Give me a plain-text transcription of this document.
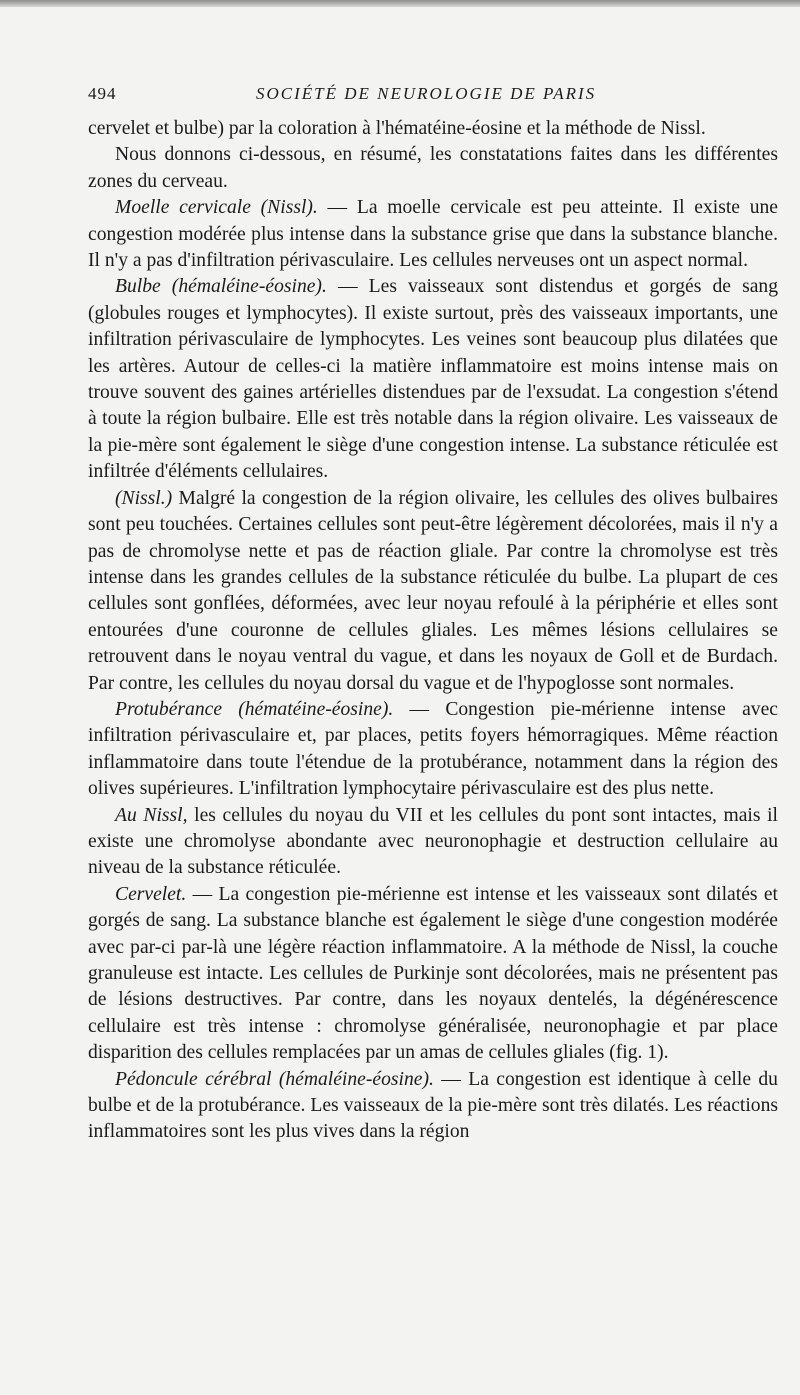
494	SOCIÉTÉ DE NEUROLOGIE DE PARIS

cervelet et bulbe) par la coloration à l'hématéine-éosine et la méthode de Nissl.

Nous donnons ci-dessous, en résumé, les constatations faites dans les différentes zones du cerveau.

Moelle cervicale (Nissl). — La moelle cervicale est peu atteinte. Il existe une congestion modérée plus intense dans la substance grise que dans la substance blanche. Il n'y a pas d'infiltration périvasculaire. Les cellules nerveuses ont un aspect normal.

Bulbe (hémaléine-éosine). — Les vaisseaux sont distendus et gorgés de sang (globules rouges et lymphocytes). Il existe surtout, près des vaisseaux importants, une infiltration périvasculaire de lymphocytes. Les veines sont beaucoup plus dilatées que les artères. Autour de celles-ci la matière inflammatoire est moins intense mais on trouve souvent des gaines artérielles distendues par de l'exsudat. La congestion s'étend à toute la région bulbaire. Elle est très notable dans la région olivaire. Les vaisseaux de la pie-mère sont également le siège d'une congestion intense. La substance réticulée est infiltrée d'éléments cellulaires.

(Nissl.) Malgré la congestion de la région olivaire, les cellules des olives bulbaires sont peu touchées. Certaines cellules sont peut-être légèrement décolorées, mais il n'y a pas de chromolyse nette et pas de réaction gliale. Par contre la chromolyse est très intense dans les grandes cellules de la substance réticulée du bulbe. La plupart de ces cellules sont gonflées, déformées, avec leur noyau refoulé à la périphérie et elles sont entourées d'une couronne de cellules gliales. Les mêmes lésions cellulaires se retrouvent dans le noyau ventral du vague, et dans les noyaux de Goll et de Burdach. Par contre, les cellules du noyau dorsal du vague et de l'hypoglosse sont normales.

Protubérance (hématéine-éosine). — Congestion pie-mérienne intense avec infiltration périvasculaire et, par places, petits foyers hémorragiques. Même réaction inflammatoire dans toute l'étendue de la protubérance, notamment dans la région des olives supérieures. L'infiltration lymphocytaire périvasculaire est des plus nette.

Au Nissl, les cellules du noyau du VII et les cellules du pont sont intactes, mais il existe une chromolyse abondante avec neuronophagie et destruction cellulaire au niveau de la substance réticulée.

Cervelet. — La congestion pie-mérienne est intense et les vaisseaux sont dilatés et gorgés de sang. La substance blanche est également le siège d'une congestion modérée avec par-ci par-là une légère réaction inflammatoire. A la méthode de Nissl, la couche granuleuse est intacte. Les cellules de Purkinje sont décolorées, mais ne présentent pas de lésions destructives. Par contre, dans les noyaux dentelés, la dégénérescence cellulaire est très intense : chromolyse généralisée, neuronophagie et par place disparition des cellules remplacées par un amas de cellules gliales (fig. 1).

Pédoncule cérébral (hémaléine-éosine). — La congestion est identique à celle du bulbe et de la protubérance. Les vaisseaux de la pie-mère sont très dilatés. Les réactions inflammatoires sont les plus vives dans la région
